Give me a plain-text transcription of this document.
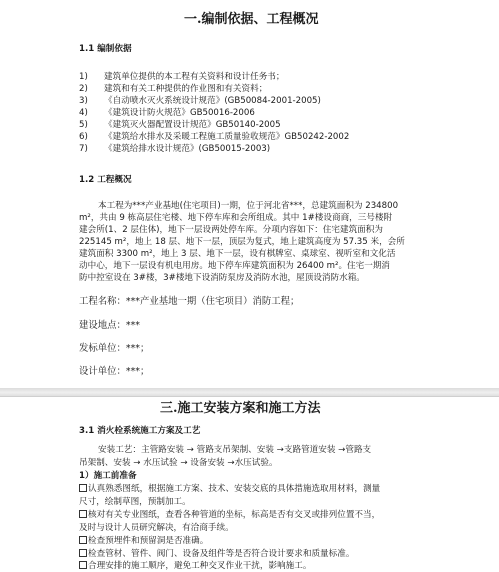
一.编制依据、工程概况
1.1 编制依据
1) 建筑单位提供的本工程有关资料和设计任务书；
2) 建筑和有关工种提供的作业图和有关资料；
3) 《自动喷水灭火系统设计规范》(GB50084-2001-2005)
4) 《建筑设计防火规范》GB50016-2006
5) 《建筑灭火器配置设计规范》GB50140-2005
6) 《建筑给水排水及采暖工程施工质量验收规范》GB50242-2002
7) 《建筑给排水设计规范》(GB50015-2003)
1.2 工程概况
本工程为***产业基地(住宅项目)一期，位于河北省***，总建筑面积为 234800
m²，共由 9 栋高层住宅楼、地下停车库和会所组成。其中 1#楼设商商，三号楼附
建会所(1、2 层住体)，地下一层设两处停车库。分项内容如下：住宅建筑面积为
225145 m²，地上 18 层、地下一层，顶层为复式，地上建筑高度为 57.35 米，会所
建筑面积 3300 m²，地上 3 层、地下一层，设有棋牌室、桌球室、视听室和文化活
动中心，地下一层设有机电用房。地下停车库建筑面积为 26400 m²。住宅一期消
防中控室设在 3#楼，3#楼地下设消防泵房及消防水池，屋顶设消防水箱。
工程名称：***产业基地一期（住宅项目）消防工程；
建设地点：***
发标单位：***；
设计单位：***；
三.施工安装方案和施工方法
3.1 消火栓系统施工方案及工艺
安装工艺：主管路安装 → 管路支吊架制、安装 →支路管道安装 →管路支
吊架制、安装 → 水压试验 → 设备安装 →水压试验。
1）施工前准备
认真熟悉图纸，根据施工方案、技术、安装交底的具体措施选取用材料，测量
尺寸，绘制草图，预制加工。
核对有关专业图纸，查看各种管道的坐标，标高是否有交叉或排列位置不当，
及时与设计人员研究解决，有洽商手续。
检查预埋件和预留洞是否准确。
检查管材、管件、阀门、设备及组件等是否符合设计要求和质量标准。
合理安排的施工顺序，避免工种交叉作业干扰，影响施工。
